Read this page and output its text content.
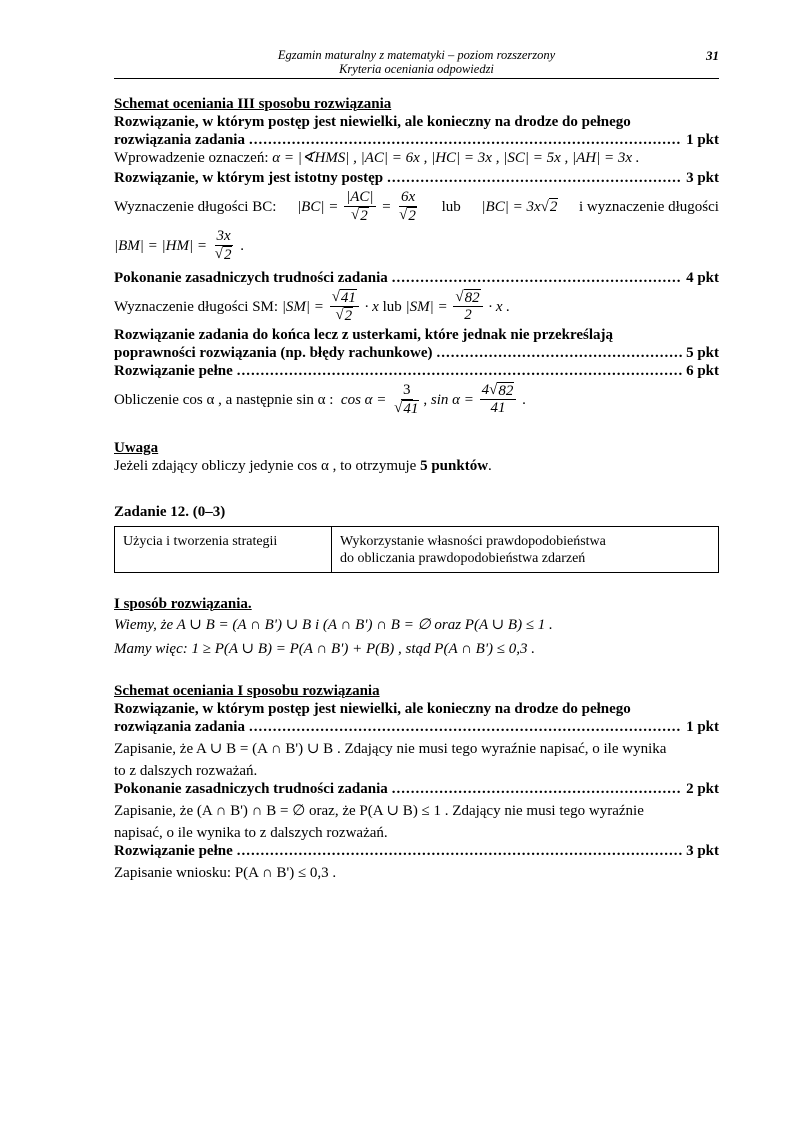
Egzamin maturalny z matematyki – poziom rozszerzony
Kryteria oceniania odpowiedzi
31

Schemat oceniania III sposobu rozwiązania

Rozwiązanie, w którym postęp jest niewielki, ale konieczny na drodze do pełnego

rozwiązania zadania .....	1 pkt

Wprowadzenie oznaczeń: α = |∢HMS| , |AC| = 6x , |HC| = 3x , |SC| = 5x , |AH| = 3x .

Rozwiązanie, w którym jest istotny postęp .....	3 pkt
Wyznaczenie długości BC: $|BC| = \frac{|AC|}{√ 2} = \frac{6x}{√ 2}$ lub |BC| = 3x √ 2 i wyznaczenie długości
$|BM| = |HM| = \frac{3x}{√ 2}$ .
Pokonanie zasadniczych trudności zadania .....	4 pkt
Wyznaczenie długości SM:
$|SM| = \frac{√ 41}{√ 2} \cdot x$
lub
$|SM| = \frac{√ 82}{2} \cdot x$ .

Rozwiązanie zadania do końca lecz z usterkami, które jednak nie przekreślają

poprawności rozwiązania (np. błędy rachunkowe) .....	5 pkt
Rozwiązanie pełne .....	6 pkt
Obliczenie cos α , a następnie sin α :
$\cos \alpha = \frac{3}{√ 41}$ , $\sin \alpha = \frac{4 √ 82}{41}$ .

Uwaga

Jeżeli zdający obliczy jedynie cos α , to otrzymuje 5 punktów.

Zadanie 12. (0–3)

Użycia i tworzenia strategii	Wykorzystanie własności prawdopodobieństwa
do obliczania prawdopodobieństwa zdarzeń

I sposób rozwiązania.

Wiemy, że A ∪ B = (A ∩ B') ∪ B i (A ∩ B') ∩ B = ∅ oraz P(A ∪ B) ≤ 1 .

Mamy więc: 1 ≥ P(A ∪ B) = P(A ∩ B') + P(B) , stąd P(A ∩ B') ≤ 0,3 .

Schemat oceniania I sposobu rozwiązania

Rozwiązanie, w którym postęp jest niewielki, ale konieczny na drodze do pełnego

rozwiązania zadania .....	1 pkt

Zapisanie, że A ∪ B = (A ∩ B') ∪ B . Zdający nie musi tego wyraźnie napisać, o ile wynika

to z dalszych rozważań.

Pokonanie zasadniczych trudności zadania .....	2 pkt

Zapisanie, że (A ∩ B') ∩ B = ∅ oraz, że P(A ∪ B) ≤ 1 . Zdający nie musi tego wyraźnie

napisać, o ile wynika to z dalszych rozważań.

Rozwiązanie pełne .....	3 pkt

Zapisanie wniosku: P(A ∩ B') ≤ 0,3 .
